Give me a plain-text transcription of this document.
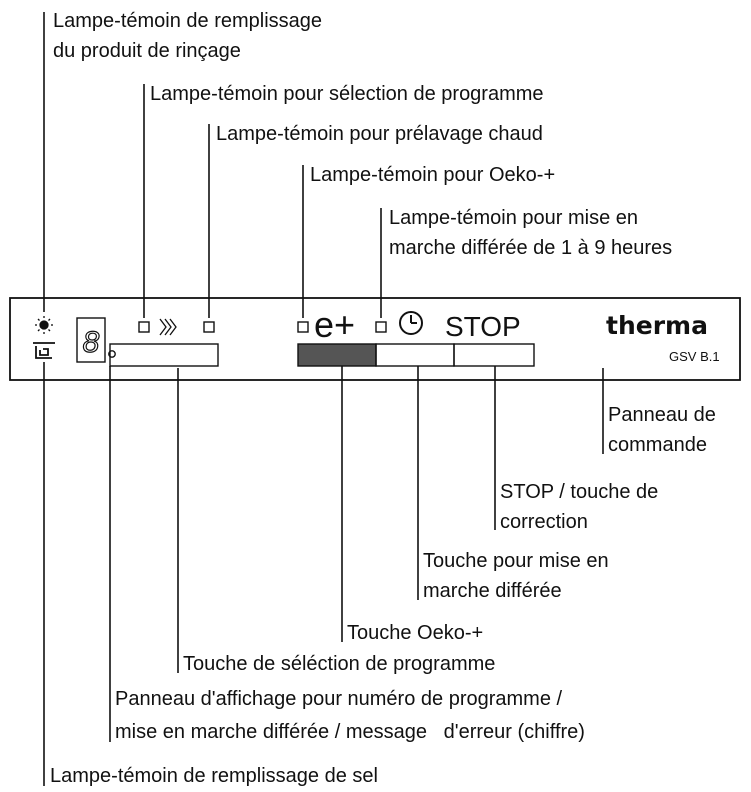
8	e+	STOP	therma
GSV B.1
Lampe-témoin de remplissage
du produit de rinçage
Lampe-témoin pour sélection de programme
Lampe-témoin pour prélavage chaud
Lampe-témoin pour Oeko-+
Lampe-témoin pour mise en
marche différée de 1 à 9 heures
Panneau de
commande
STOP / touche de
correction
Touche pour mise en
marche différée
Touche Oeko-+
Touche de séléction de programme
Panneau d'affichage pour numéro de programme /
mise en marche différée / message   d'erreur (chiffre)
Lampe-témoin de remplissage de sel
